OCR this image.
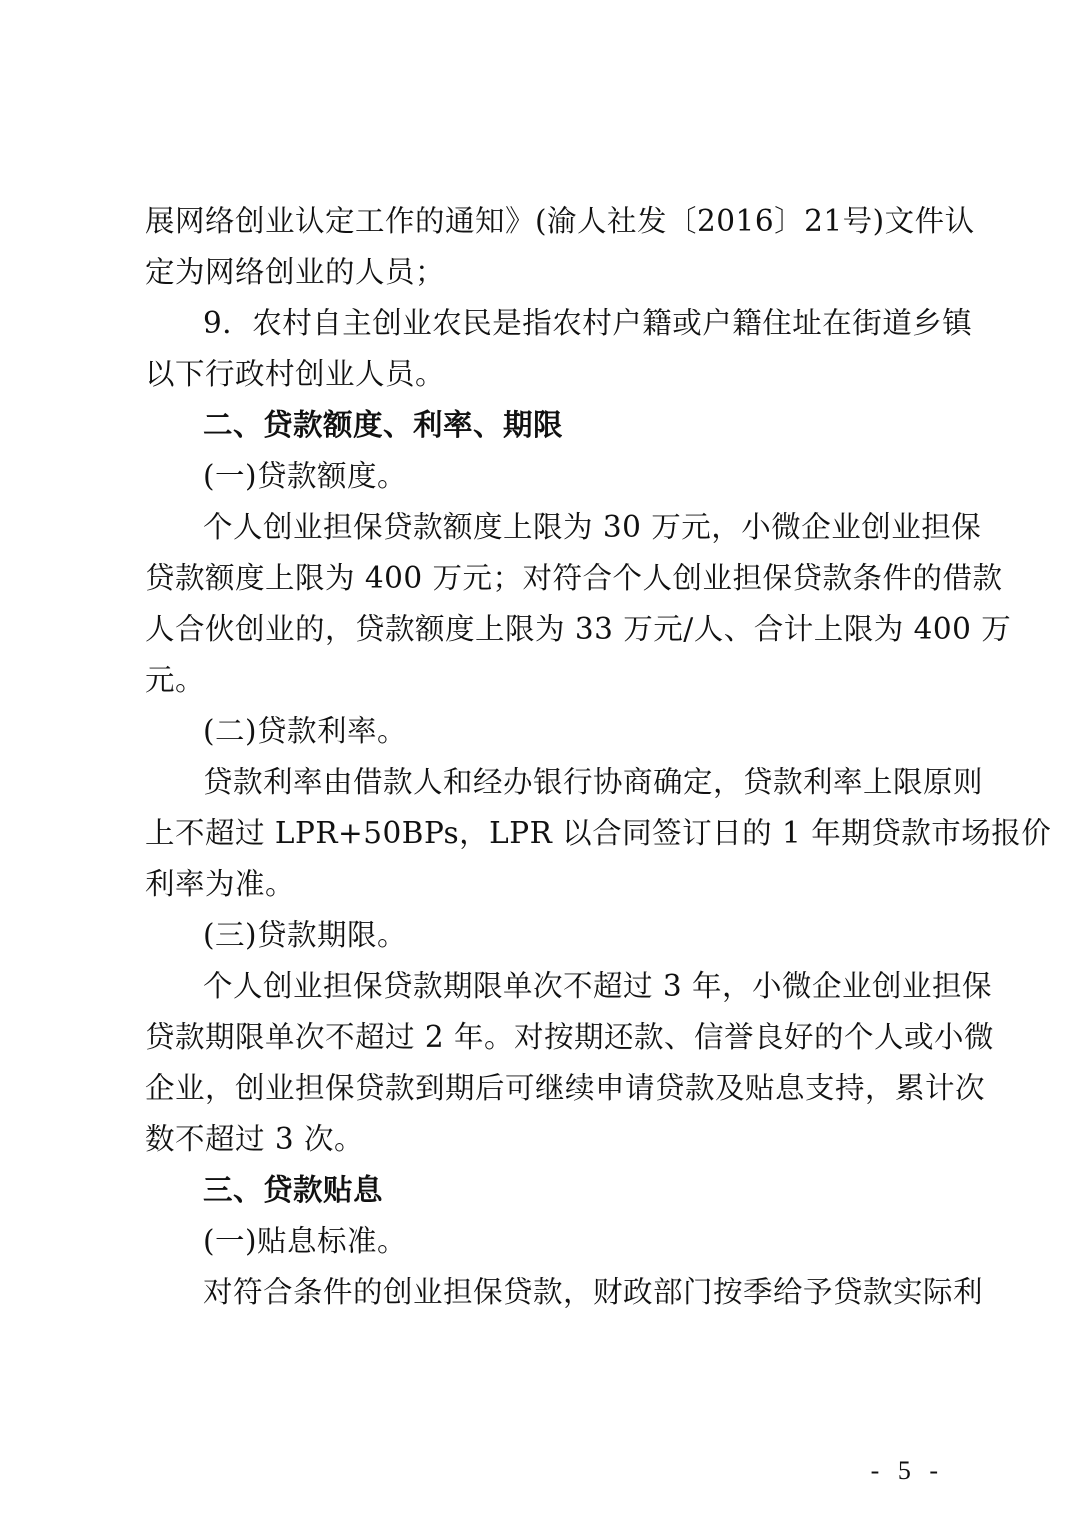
展网络创业认定工作的通知》(渝人社发〔2016〕21号)文件认
定为网络创业的人员；
9．农村自主创业农民是指农村户籍或户籍住址在街道乡镇
以下行政村创业人员。
二、贷款额度、利率、期限
(一)贷款额度。
个人创业担保贷款额度上限为 30 万元，小微企业创业担保
贷款额度上限为 400 万元；对符合个人创业担保贷款条件的借款
人合伙创业的，贷款额度上限为 33 万元/人、合计上限为 400 万
元。
(二)贷款利率。
贷款利率由借款人和经办银行协商确定，贷款利率上限原则
上不超过 LPR+50BPs，LPR 以合同签订日的 1 年期贷款市场报价
利率为准。
(三)贷款期限。
个人创业担保贷款期限单次不超过 3 年，小微企业创业担保
贷款期限单次不超过 2 年。对按期还款、信誉良好的个人或小微
企业，创业担保贷款到期后可继续申请贷款及贴息支持，累计次
数不超过 3 次。
三、贷款贴息
(一)贴息标准。
对符合条件的创业担保贷款，财政部门按季给予贷款实际利
- 5 -
